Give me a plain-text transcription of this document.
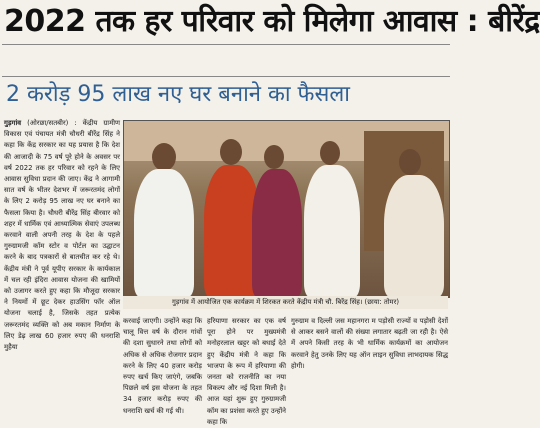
2022 तक हर परिवार को मिलेगा आवास : बीरेंद्र
2 करोड़ 95 लाख नए घर बनाने का फैसला
गुड़गांव (ओरछा/सतबीर) : केंद्रीय ग्रामीण विकास एवं पंचायत मंत्री चौधरी बीरेंद्र सिंह ने कहा कि केंद्र सरकार का यह प्रयास है कि देश की आजादी के 75 वर्ष पूरे होने के अवसर पर वर्ष 2022 तक हर परिवार को रहने के लिए आवास सुविधा प्रदान की जाए। केंद्र ने आगामी सात वर्ष के भीतर देशभर में जरूरतमंद लोगों के लिए 2 करोड़ 95 लाख नए घर बनाने का फैसला किया है। चौधरी बीरेंद्र सिंह बीरवार को शहर में धार्मिक एवं आध्यात्मिक सेवाएं उपलब्ध करवाने वाली अपनी तरह के देश के पहले गुरुग्रामजी कॉम स्टोर व पोर्टल का उद्घाटन करने के बाद पत्रकारों से बातचीत कर रहे थे। केंद्रीय मंत्री ने पूर्व यूपीए सरकार के कार्यकाल में चल रही इंदिरा आवास योजना की खामियों को उजागर करते हुए कहा कि मौजूदा सरकार ने नियमों में छूट देकर हाउसिंग फॉर ऑल योजना चलाई है, जिसके तहत प्रत्येक जरूरतमंद व्यक्ति को अब मकान निर्माण के लिए डेढ़ लाख 60 हजार रुपए की धनराशि मुहैया
गुड़गांव में आयोजित एक कार्यक्रम में शिरकत करते केंद्रीय मंत्री चौ. बिरेंद्र सिंह। (छाया: तोमर)
करवाई जाएगी। उन्होंने कहा कि चालू वित्त वर्ष के दौरान गांवों की दशा सुधारने तथा लोगों को अधिक से अधिक रोजगार प्रदान करने के लिए 40 हजार करोड़ रुपए खर्च किए जाएंगे, जबकि पिछले वर्ष इस योजना के तहत 34 हजार करोड़ रुपए की धनराशि खर्च की गई थी।
हरियाणा सरकार का एक वर्ष पूरा होने पर मुख्यमंत्री मनोहरलाल खट्टर को बधाई देते हुए केंद्रीय मंत्री ने कहा कि भाजपा के रूप में हरियाणा की जनता को राजनीति का नया विकल्प और नई दिशा मिली है। आज यहां शुरू हुए गुरुग्रामजी कॉम का प्रशंसा करते हुए उन्होंने कहा कि
गुरुग्राम व दिल्ली जस महानगरा म पड़ोसी राज्यों व पड़ोसी देशों से आकर बसने वालों की संख्या लगातार बढ़ती जा रही है। ऐसे में अपने किसी तरह के भी धार्मिक कार्यक्रमों का आयोजन करवाने हेतु उनके लिए यह ऑन लाइन सुविधा लाभदायक सिद्ध होगी।
